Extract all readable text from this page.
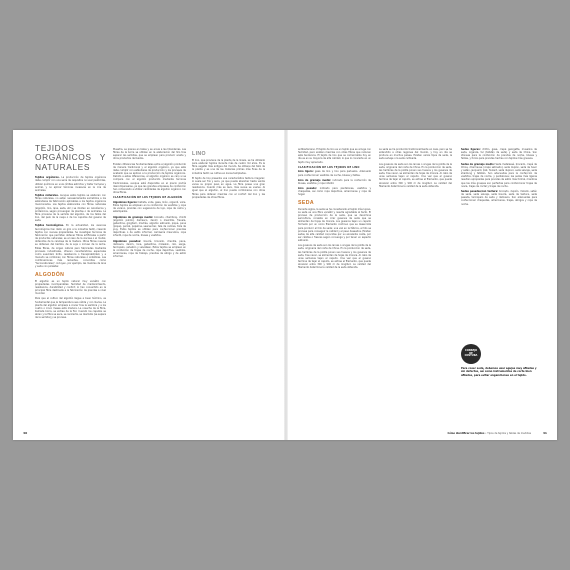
TEJIDOS ORGÁNICOS Y NATURALES

Tejidos orgánicos. La producción de tejidos orgánicos debe cumplir con una serie de requisitos no usar pesticidas, utilizar químicos en unos límites estrictos y tratar humana y animal, y no aplicar técnicas invasivas en la cría de animales.

Tejidos naturales. Aunque estos tejidos se elaboran con fibras naturales, no están necesariamente sometidos a los estándares de fabricación aplicables a los tejidos orgánicos mencionados. Los tejidos elaborados con fibras naturales (algodón, lino, lana, seda, etc.) se dividen en celulósicos y proteínicos, según provengan de plantas o de animales. La fibra proviene de la semilla del algodón, de los tallos del lino, del pelo de la oveja o de los capullos del gusano de seda.

Tejidos tecnológicos. En la actualidad, los avances tecnológicos han dado un giro a la industria textil, creando tejidos con nuevas propiedades. Se investigan técnicas de fabricación que permiten obtener fibras artificiales a partir de productos naturales; es el caso de la viscosa o el modal, obtenidos de la celulosa de la madera. Otras fibras nuevas se obtienen del bambú, de la soja o incluso de la leche. Estas fibras, de origen natural pero fabricadas mediante procesos industriales, ofrecen características especiales como suavidad, brillo, resistencia o transpirabilidad, y a menudo se combinan con fibras naturales o sintéticas. Las combinaciones más recientes, conocidas como "tecnonaturales", incluyen, por ejemplo, las mezclas de lana y seda con poliéster.

ALGODÓN

El algodón es un tejido natural muy versátil, con propiedades incomparables: facilidad de mantenimiento, resistencia, durabilidad y confort; lo han convertido en la principal fibra destinada a la fabricación de prendas a nivel mundial.

Para que el cultivo del algodón llegue a buen término, es fundamental que la temperatura sea cálida y con lluvias. La planta del algodón empieza a crecer tras la siembra y a los cuatro o cinco meses está madura. La cosecha de la fibra, llamada borra, se extrae de la flor. Cuando los capullos se abren y la fibra se seca, se recolecta, se desmota (se separa de la semilla) y se procesa.

Muestra, se prensa en balas y se envía a las hilanderías. Las fibras de la borra se utilizan en la elaboración del hilo tras separar las semillas, que se emplean para producir aceite y otros productos derivados.

Existen diferencias fundamentales entre el algodón producido de manera tradicional y el algodón orgánico, ya que este debe cumplir con estándares de producción y los procesos de acabado que se aplican a la producción de tejidos orgánicos. Debido a estas diferencias, el algodón orgánico es caro si se compara con el algodón producido mediante técnicas tradicionales, aunque está disponible en el precio podría descompensarse, ya que las grandes empresas de confección han comenzado a utilizar cantidades de algodón orgánico con otras fibras.

CLASIFICACIÓN DE LOS TEJIDOS DE ALGODÓN

Algodones ligeros: batista, voile, gasa, linón, organdí, voile. Estos tejidos se emplean en la confección de vestidos y ropa de verano, prendas con sugerencia de lujo, ropa de cama y estampados.

Algodones de gramaje medio: brocado, chambray, chintz (algodón pulido), damasco, denim o mezclilla, franela, gabardina, gingham, madrás, algodón satinado, piqué, pana (pique), percal, popelina, seersucker, tela de camisa, toile de jouy. Estos tejidos se utilizan para confeccionar prendas deportivas o de estilo informal, camisería masculina, ropa infantil, ropa de noche, blusas y vestidos.

Algodones pesados: bouclé, brocado, chenilla, pana, damasco, denim, lona, gabardina, moleskin, rizo, sarga, terciopelo, velvetón y velveteen. Estos tejidos se emplean en la confección de trajes de noche, ropa deportiva, vestidos, americanas, ropa de trabajo, prendas de abrigo y de estilo informal.

LINO

El lino, que proviene de la planta de la linaza, se ha utilizado para elaborar tejidos durante más de cuatro mil años. Es la fibra vegetal más antigua del mundo. Se obtiene del tallo de la planta y es una de las materias primas más finas de la industria textil; se cultiva en zonas templadas.

El tejido de lino presenta una característica textura irregular; lo suele ser frío y seco, ya que puede absorber hasta veinte veces su propio peso en agua. La fibra posee una gran resistencia. Cuanto más se lava, más suave se vuelve. Al igual que el algodón, el lino puede combinarse con otras fibras para obtener mezclas con el confort del lino y las propiedades de otras fibras.

antibacteriano. El tejido de lino es un tejido que se arruga con facilidad, pero existen mezclas con otras fibras que reducen esta tendencia. El tejido de lino que se comercializa hoy en día es en su mayoría de alta calidad, lo que lo convierte en un tejido muy apreciado.

CLASIFICACIÓN DE LOS TEJIDOS DE LINO

Lino ligero: gasa de lino y lino para pañuelos. Adecuado para confeccionar vestidos de noche, blusas y faldas.

Lino de gramaje medio: indicado para la confección de blusas, vestidos y ropa infantil.

Lino pesado: indicado para pantalones, vestidos y chaquetas, así como ropa deportiva, americanas y ropa de hogar.

SEDA

Durante siglos, la seda se ha considerado el tejido más lujoso. La seda es una fibra versátil y resulta agradable al tacto. El proceso de producción de la seda, que se denomina sericultura, consiste en criar gusanos de seda que se alimentan de hojas de morera. Los gusanos tejen un capullo formado por un único filamento continuo que se desenrolla para producir el hilo de seda; una vez en la fábrica, el hilo se procesa para conseguir la calidad y el peso deseados. Existen sedas de alta calidad conocidas por su excelente caída, por ser cálidas o frescas según convenga y por tener un aspecto satinado.

Los gusanos de seda son los larvas o orugas de la polilla de la seda, originaria del norte de China. En la producción de seda, las hembras de la polilla ponen sus huevos y los gusanos de seda, tras nacer, se alimentan de hojas de morera. Al cabo de unas semanas tejen el capullo. Una vez que el gusano termina de tejer el capullo, se extrae el filamento, que puede alcanzar entre 300 y 900 m de longitud. La calidad del filamento determina la calidad de la seda obtenida.

La seda se ha producido tradicionalmente en Asia, pero se ha extendido a otras regiones del mundo, y hoy en día se produce en muchos países. Existen varios tipos de seda, la seda salvaje o la seda cultivada.

Los gusanos de seda son los larvas o orugas de la polilla de la seda, originaria del norte de China. En la producción de seda, las hembras de la polilla ponen sus huevos y los gusanos de seda, tras nacer, se alimentan de hojas de morera. Al cabo de unas semanas tejen el capullo. Una vez que el gusano termina de tejer el capullo, se extrae el filamento, que puede alcanzar entre 300 y 900 m de longitud. La calidad del filamento determina la calidad de la seda obtenida.

Sedas ligeras: chifón, gasa, crepé georgette, muselina de seda, organza, tul (tafetán de seda) y seda de China. Son idóneas para la confección de prendas de noche, blusas y faldas, y forros para prendas hechas con tejidos más gruesos.

Sedas de gramaje medio: Seda matelassé, brocado, crepé de China, charmeuse (crepé satinado), seda dupión, seda de tusor y satén, jacquard, ikat, foulard, seda dupioni, seda salvaje, seda shantung y tafetán. Son adecuadas para la confección de vestidos, trajes de noche, y pantalones; las sedas más ligeras resultan apropiadas para prendas de estilo más formal, mientras que las más gruesas son perfectas para confeccionar trajes de novia, trajes de cóctel y trajes de noche.

Sedas pesadas/con textura: brocado, dupión, mikado, satén de seda, seda salvaje, seda bouclé, seda de textura, seda pesada, terciopelo de seda y damasco. Son adecuadas para confeccionar chaquetas, americanas, trajes, abrigos y ropa de noche.

CONSEJO DE COSTURA

Para coser seda, debemos usar agujas muy afiladas y sin defectos, así como instrumentos de corte bien afilados, para evitar enganchones en el tejido.

40	Cómo identificar los tejidos • Tipos de tejidos y tablas de medidas	41
